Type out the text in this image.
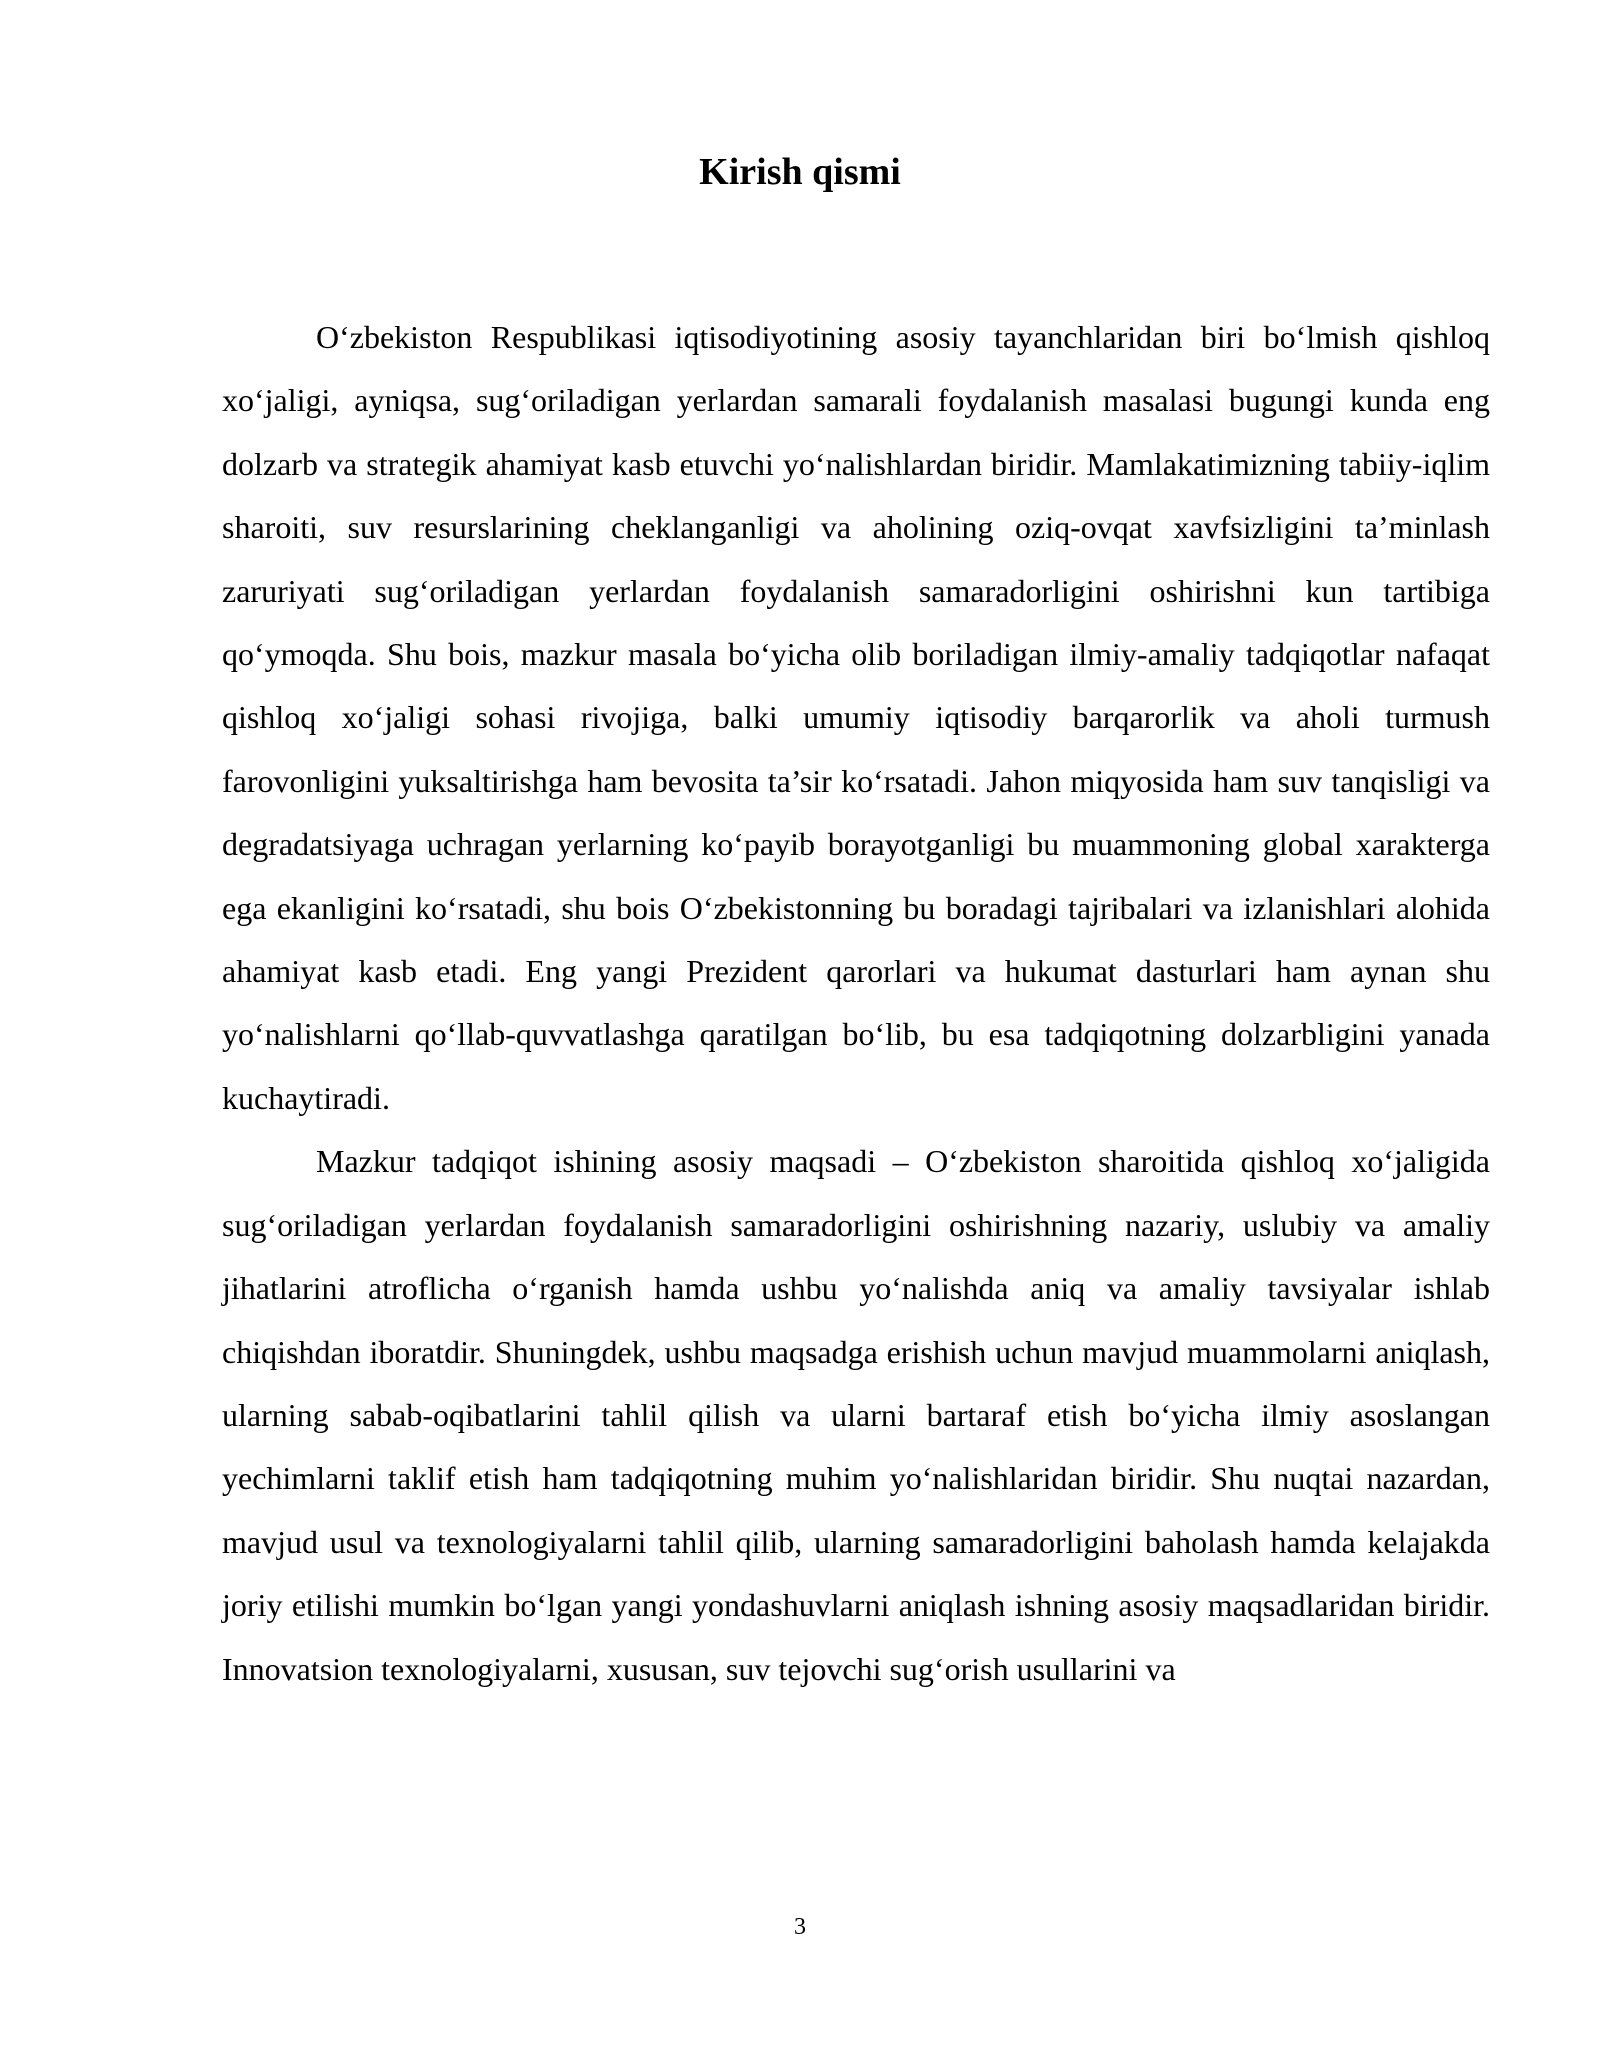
Kirish qismi

O‘zbekiston Respublikasi iqtisodiyotining asosiy tayanchlaridan biri bo‘lmish qishloq xo‘jaligi, ayniqsa, sug‘oriladigan yerlardan samarali foydalanish masalasi bugungi kunda eng dolzarb va strategik ahamiyat kasb etuvchi yo‘nalishlardan biridir. Mamlakatimizning tabiiy-iqlim sharoiti, suv resurslarining cheklanganligi va aholining oziq-ovqat xavfsizligini ta’minlash zaruriyati sug‘oriladigan yerlardan foydalanish samaradorligini oshirishni kun tartibiga qo‘ymoqda. Shu bois, mazkur masala bo‘yicha olib boriladigan ilmiy-amaliy tadqiqotlar nafaqat qishloq xo‘jaligi sohasi rivojiga, balki umumiy iqtisodiy barqarorlik va aholi turmush farovonligini yuksaltirishga ham bevosita ta’sir ko‘rsatadi. Jahon miqyosida ham suv tanqisligi va degradatsiyaga uchragan yerlarning ko‘payib borayotganligi bu muammoning global xarakterga ega ekanligini ko‘rsatadi, shu bois O‘zbekistonning bu boradagi tajribalari va izlanishlari alohida ahamiyat kasb etadi. Eng yangi Prezident qarorlari va hukumat dasturlari ham aynan shu yo‘nalishlarni qo‘llab-quvvatlashga qaratilgan bo‘lib, bu esa tadqiqotning dolzarbligini yanada kuchaytiradi.

Mazkur tadqiqot ishining asosiy maqsadi – O‘zbekiston sharoitida qishloq xo‘jaligida sug‘oriladigan yerlardan foydalanish samaradorligini oshirishning nazariy, uslubiy va amaliy jihatlarini atroflicha o‘rganish hamda ushbu yo‘nalishda aniq va amaliy tavsiyalar ishlab chiqishdan iboratdir. Shuningdek, ushbu maqsadga erishish uchun mavjud muammolarni aniqlash, ularning sabab-oqibatlarini tahlil qilish va ularni bartaraf etish bo‘yicha ilmiy asoslangan yechimlarni taklif etish ham tadqiqotning muhim yo‘nalishlaridan biridir. Shu nuqtai nazardan, mavjud usul va texnologiyalarni tahlil qilib, ularning samaradorligini baholash hamda kelajakda joriy etilishi mumkin bo‘lgan yangi yondashuvlarni aniqlash ishning asosiy maqsadlaridan biridir. Innovatsion texnologiyalarni, xususan, suv tejovchi sug‘orish usullarini va

3
